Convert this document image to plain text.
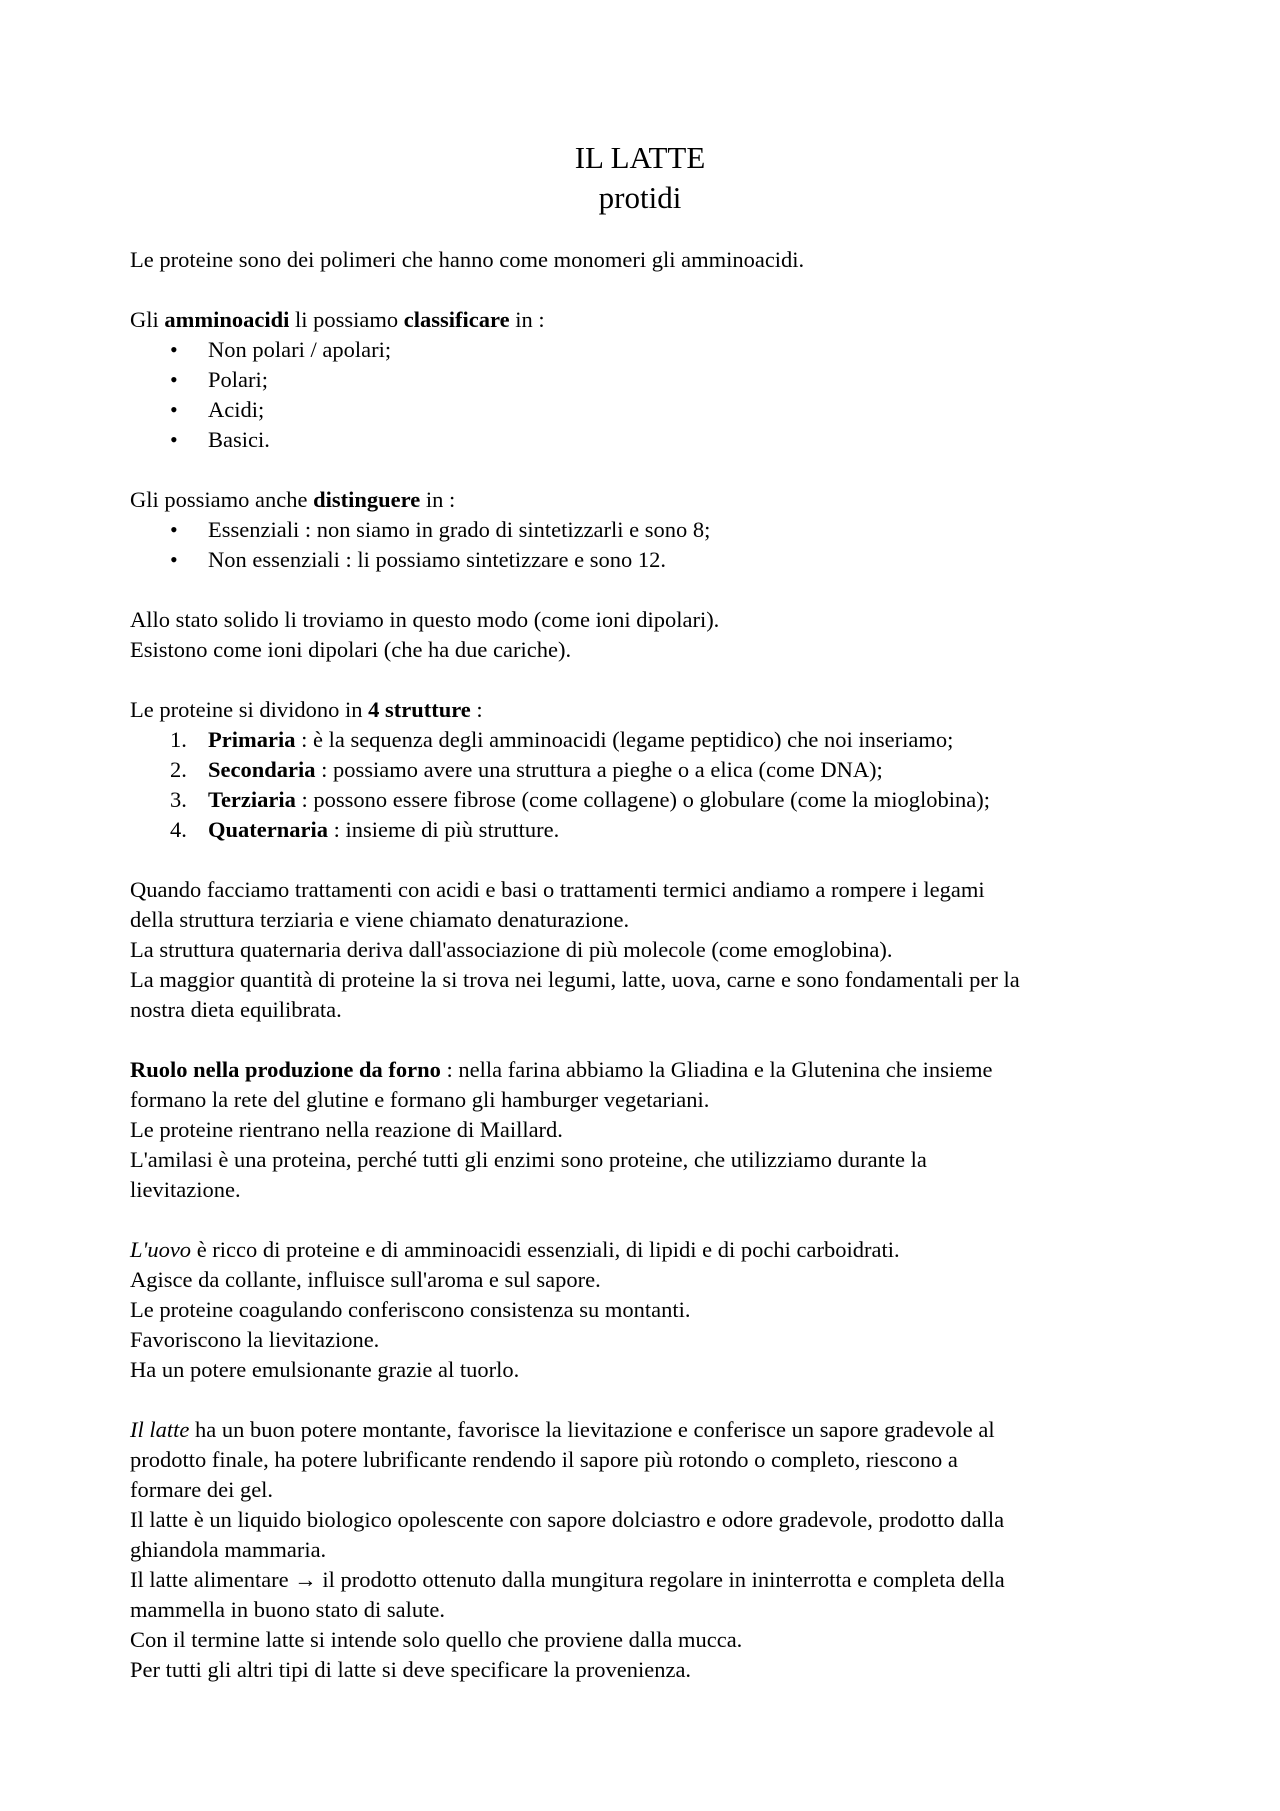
IL LATTE
protidi

Le proteine sono dei polimeri che hanno come monomeri gli amminoacidi.

Gli amminoacidi li possiamo classificare in :

• Non polari / apolari;
• Polari;
• Acidi;
• Basici.

Gli possiamo anche distinguere in :

• Essenziali : non siamo in grado di sintetizzarli e sono 8;
• Non essenziali : li possiamo sintetizzare e sono 12.

Allo stato solido li troviamo in questo modo (come ioni dipolari).

Esistono come ioni dipolari (che ha due cariche).

Le proteine si dividono in 4 strutture :

1. Primaria : è la sequenza degli amminoacidi (legame peptidico) che noi inseriamo;
2. Secondaria : possiamo avere una struttura a pieghe o a elica (come DNA);
3. Terziaria : possono essere fibrose (come collagene) o globulare (come la mioglobina);
4. Quaternaria : insieme di più strutture.

Quando facciamo trattamenti con acidi e basi o trattamenti termici andiamo a rompere i legami

della struttura terziaria e viene chiamato denaturazione.

La struttura quaternaria deriva dall'associazione di più molecole (come emoglobina).

La maggior quantità di proteine la si trova nei legumi, latte, uova, carne e sono fondamentali per la

nostra dieta equilibrata.

Ruolo nella produzione da forno : nella farina abbiamo la Gliadina e la Glutenina che insieme

formano la rete del glutine e formano gli hamburger vegetariani.

Le proteine rientrano nella reazione di Maillard.

L'amilasi è una proteina, perché tutti gli enzimi sono proteine, che utilizziamo durante la

lievitazione.

L'uovo è ricco di proteine e di amminoacidi essenziali, di lipidi e di pochi carboidrati.

Agisce da collante, influisce sull'aroma e sul sapore.

Le proteine coagulando conferiscono consistenza su montanti.

Favoriscono la lievitazione.

Ha un potere emulsionante grazie al tuorlo.

Il latte ha un buon potere montante, favorisce la lievitazione e conferisce un sapore gradevole al

prodotto finale, ha potere lubrificante rendendo il sapore più rotondo o completo, riescono a

formare dei gel.

Il latte è un liquido biologico opolescente con sapore dolciastro e odore gradevole, prodotto dalla

ghiandola mammaria.

Il latte alimentare → il prodotto ottenuto dalla mungitura regolare in ininterrotta e completa della

mammella in buono stato di salute.

Con il termine latte si intende solo quello che proviene dalla mucca.

Per tutti gli altri tipi di latte si deve specificare la provenienza.
